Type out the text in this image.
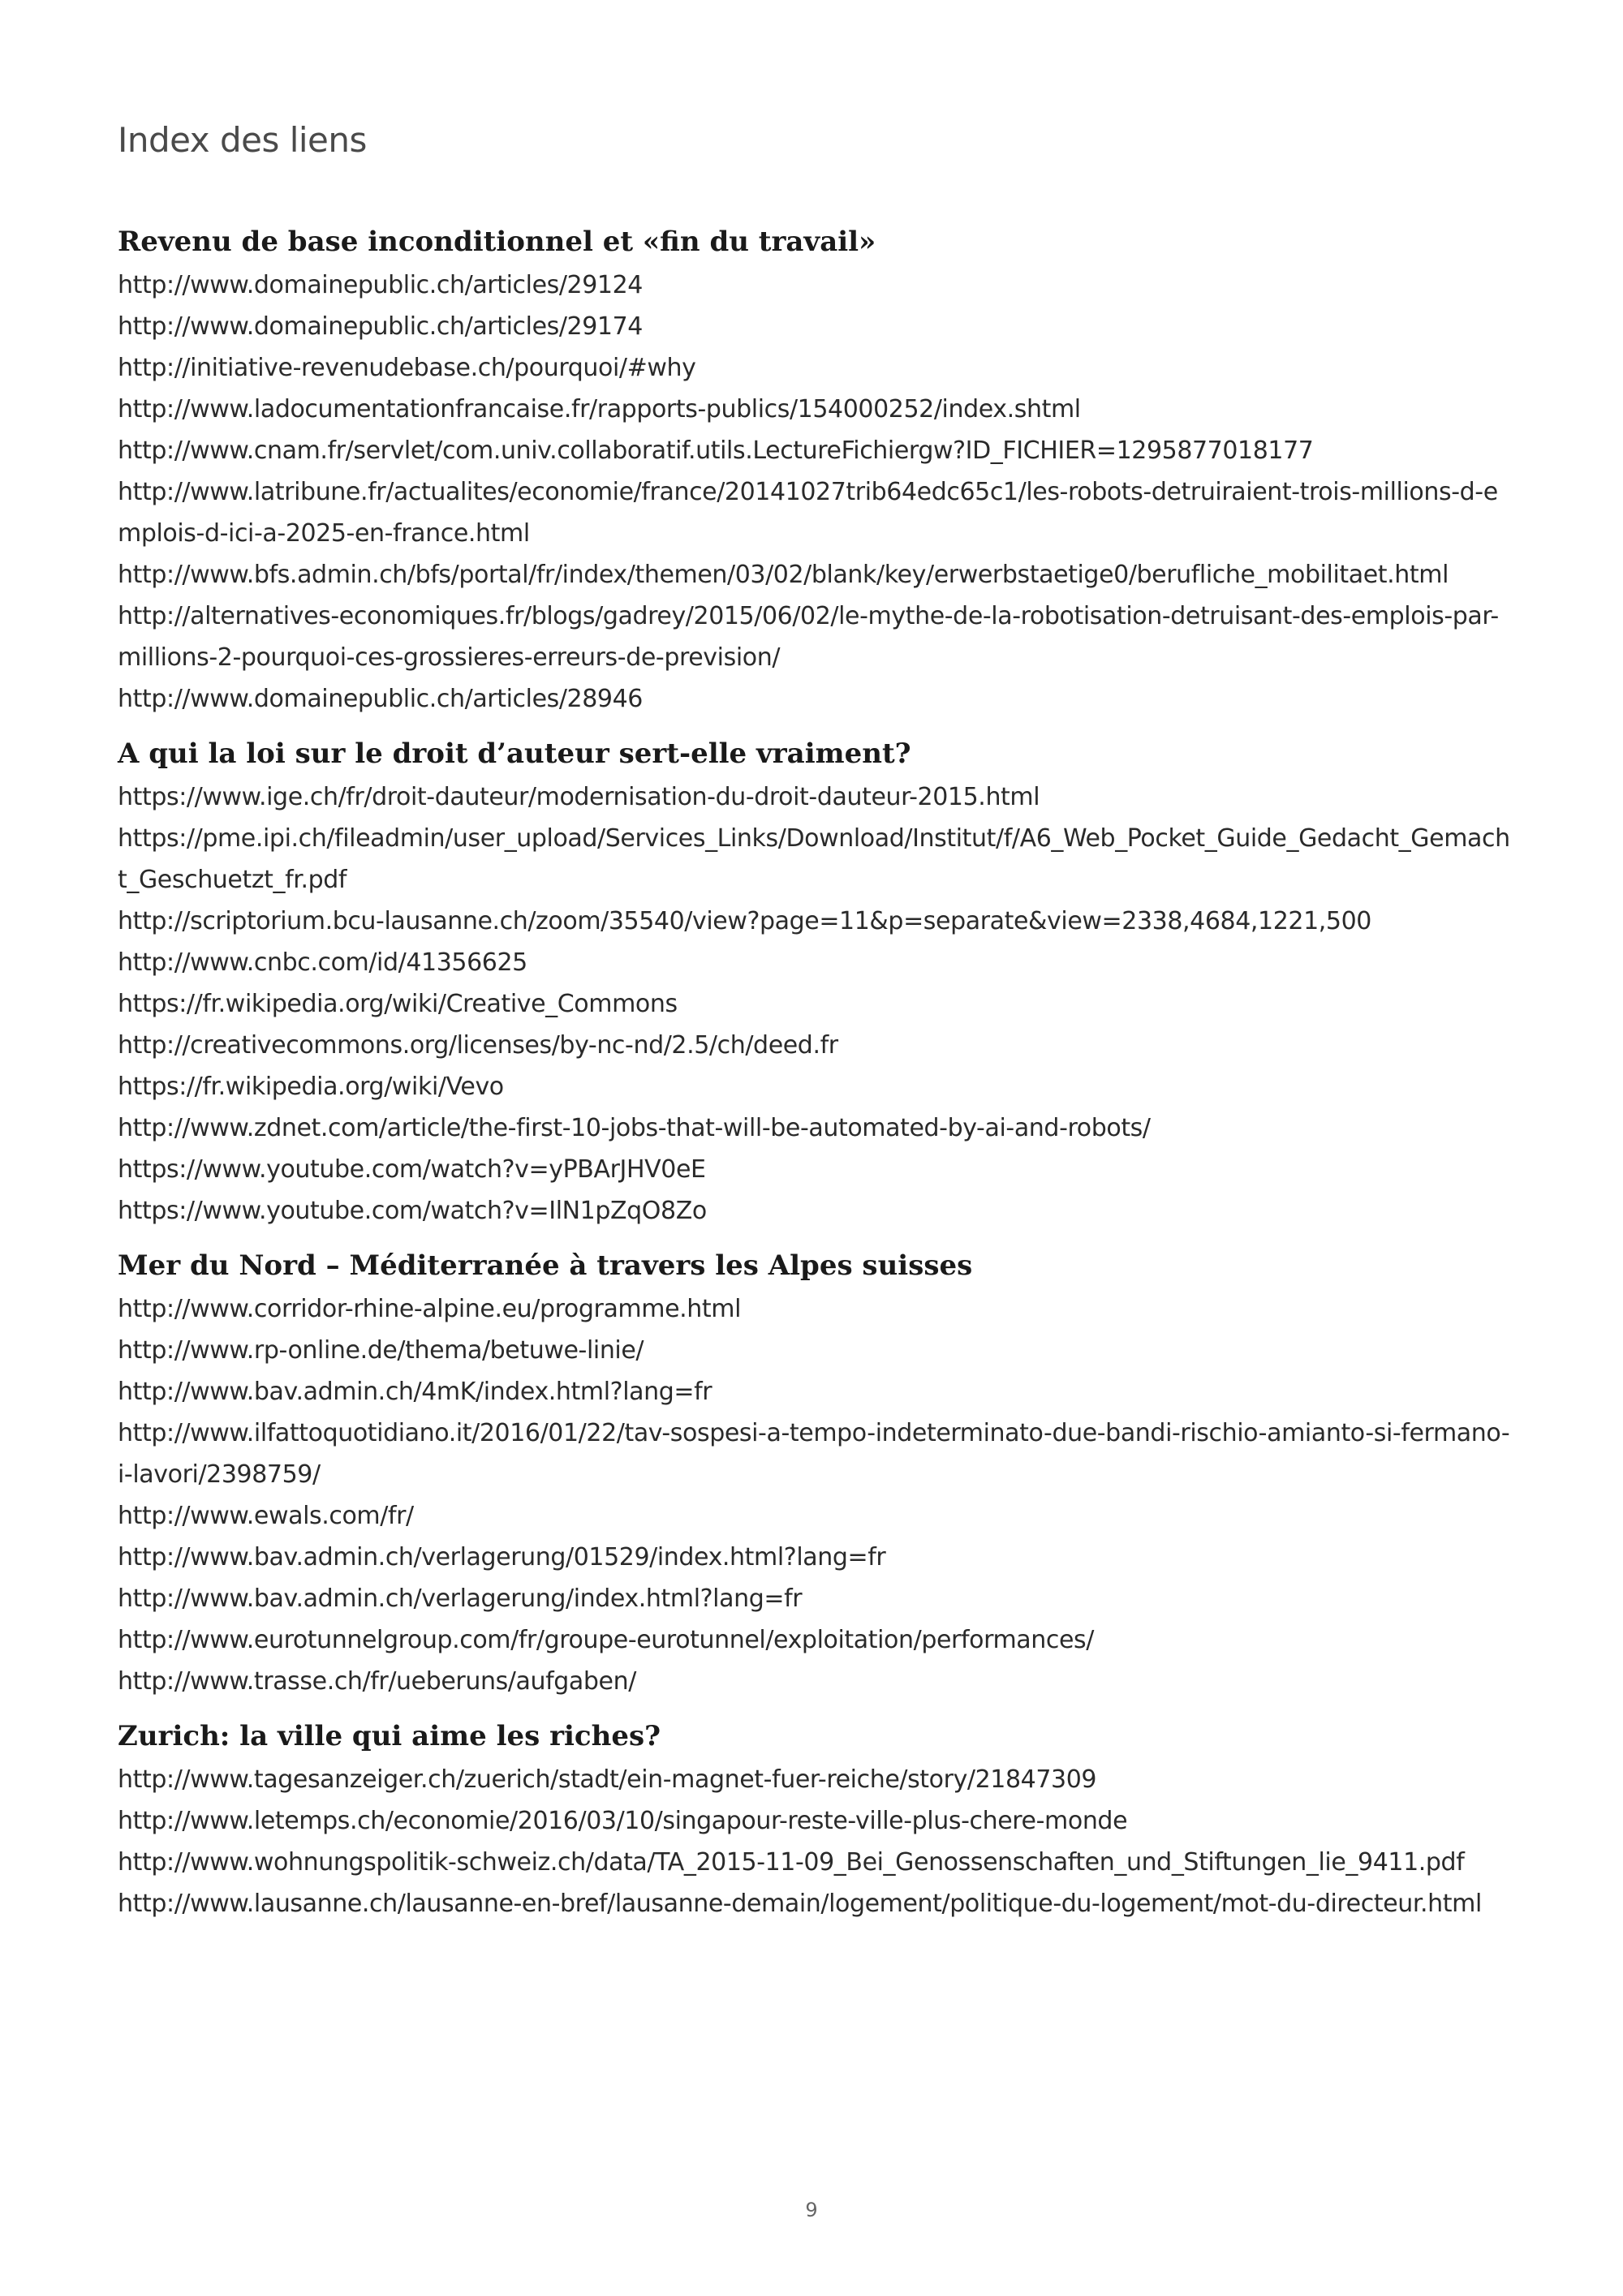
Index des liens
Revenu de base inconditionnel et «fin du travail»
http://www.domainepublic.ch/articles/29124
http://www.domainepublic.ch/articles/29174
http://initiative-revenudebase.ch/pourquoi/#why
http://www.ladocumentationfrancaise.fr/rapports-publics/154000252/index.shtml
http://www.cnam.fr/servlet/com.univ.collaboratif.utils.LectureFichiergw?ID_FICHIER=1295877018177
http://www.latribune.fr/actualites/economie/france/20141027trib64edc65c1/les-robots-detruiraient-trois-millions-d-emplois-d-ici-a-2025-en-france.html
http://www.bfs.admin.ch/bfs/portal/fr/index/themen/03/02/blank/key/erwerbstaetige0/berufliche_mobilitaet.html
http://alternatives-economiques.fr/blogs/gadrey/2015/06/02/le-mythe-de-la-robotisation-detruisant-des-emplois-par-millions-2-pourquoi-ces-grossieres-erreurs-de-prevision/
http://www.domainepublic.ch/articles/28946
A qui la loi sur le droit d’auteur sert-elle vraiment?
https://www.ige.ch/fr/droit-dauteur/modernisation-du-droit-dauteur-2015.html
https://pme.ipi.ch/fileadmin/user_upload/Services_Links/Download/Institut/f/A6_Web_Pocket_Guide_Gedacht_Gemacht_Geschuetzt_fr.pdf
http://scriptorium.bcu-lausanne.ch/zoom/35540/view?page=11&p=separate&view=2338,4684,1221,500
http://www.cnbc.com/id/41356625
https://fr.wikipedia.org/wiki/Creative_Commons
http://creativecommons.org/licenses/by-nc-nd/2.5/ch/deed.fr
https://fr.wikipedia.org/wiki/Vevo
http://www.zdnet.com/article/the-first-10-jobs-that-will-be-automated-by-ai-and-robots/
https://www.youtube.com/watch?v=yPBArJHV0eE
https://www.youtube.com/watch?v=IlN1pZqO8Zo
Mer du Nord – Méditerranée à travers les Alpes suisses
http://www.corridor-rhine-alpine.eu/programme.html
http://www.rp-online.de/thema/betuwe-linie/
http://www.bav.admin.ch/4mK/index.html?lang=fr
http://www.ilfattoquotidiano.it/2016/01/22/tav-sospesi-a-tempo-indeterminato-due-bandi-rischio-amianto-si-fermano-i-lavori/2398759/
http://www.ewals.com/fr/
http://www.bav.admin.ch/verlagerung/01529/index.html?lang=fr
http://www.bav.admin.ch/verlagerung/index.html?lang=fr
http://www.eurotunnelgroup.com/fr/groupe-eurotunnel/exploitation/performances/
http://www.trasse.ch/fr/ueberuns/aufgaben/
Zurich: la ville qui aime les riches?
http://www.tagesanzeiger.ch/zuerich/stadt/ein-magnet-fuer-reiche/story/21847309
http://www.letemps.ch/economie/2016/03/10/singapour-reste-ville-plus-chere-monde
http://www.wohnungspolitik-schweiz.ch/data/TA_2015-11-09_Bei_Genossenschaften_und_Stiftungen_lie_9411.pdf
http://www.lausanne.ch/lausanne-en-bref/lausanne-demain/logement/politique-du-logement/mot-du-directeur.html
9
